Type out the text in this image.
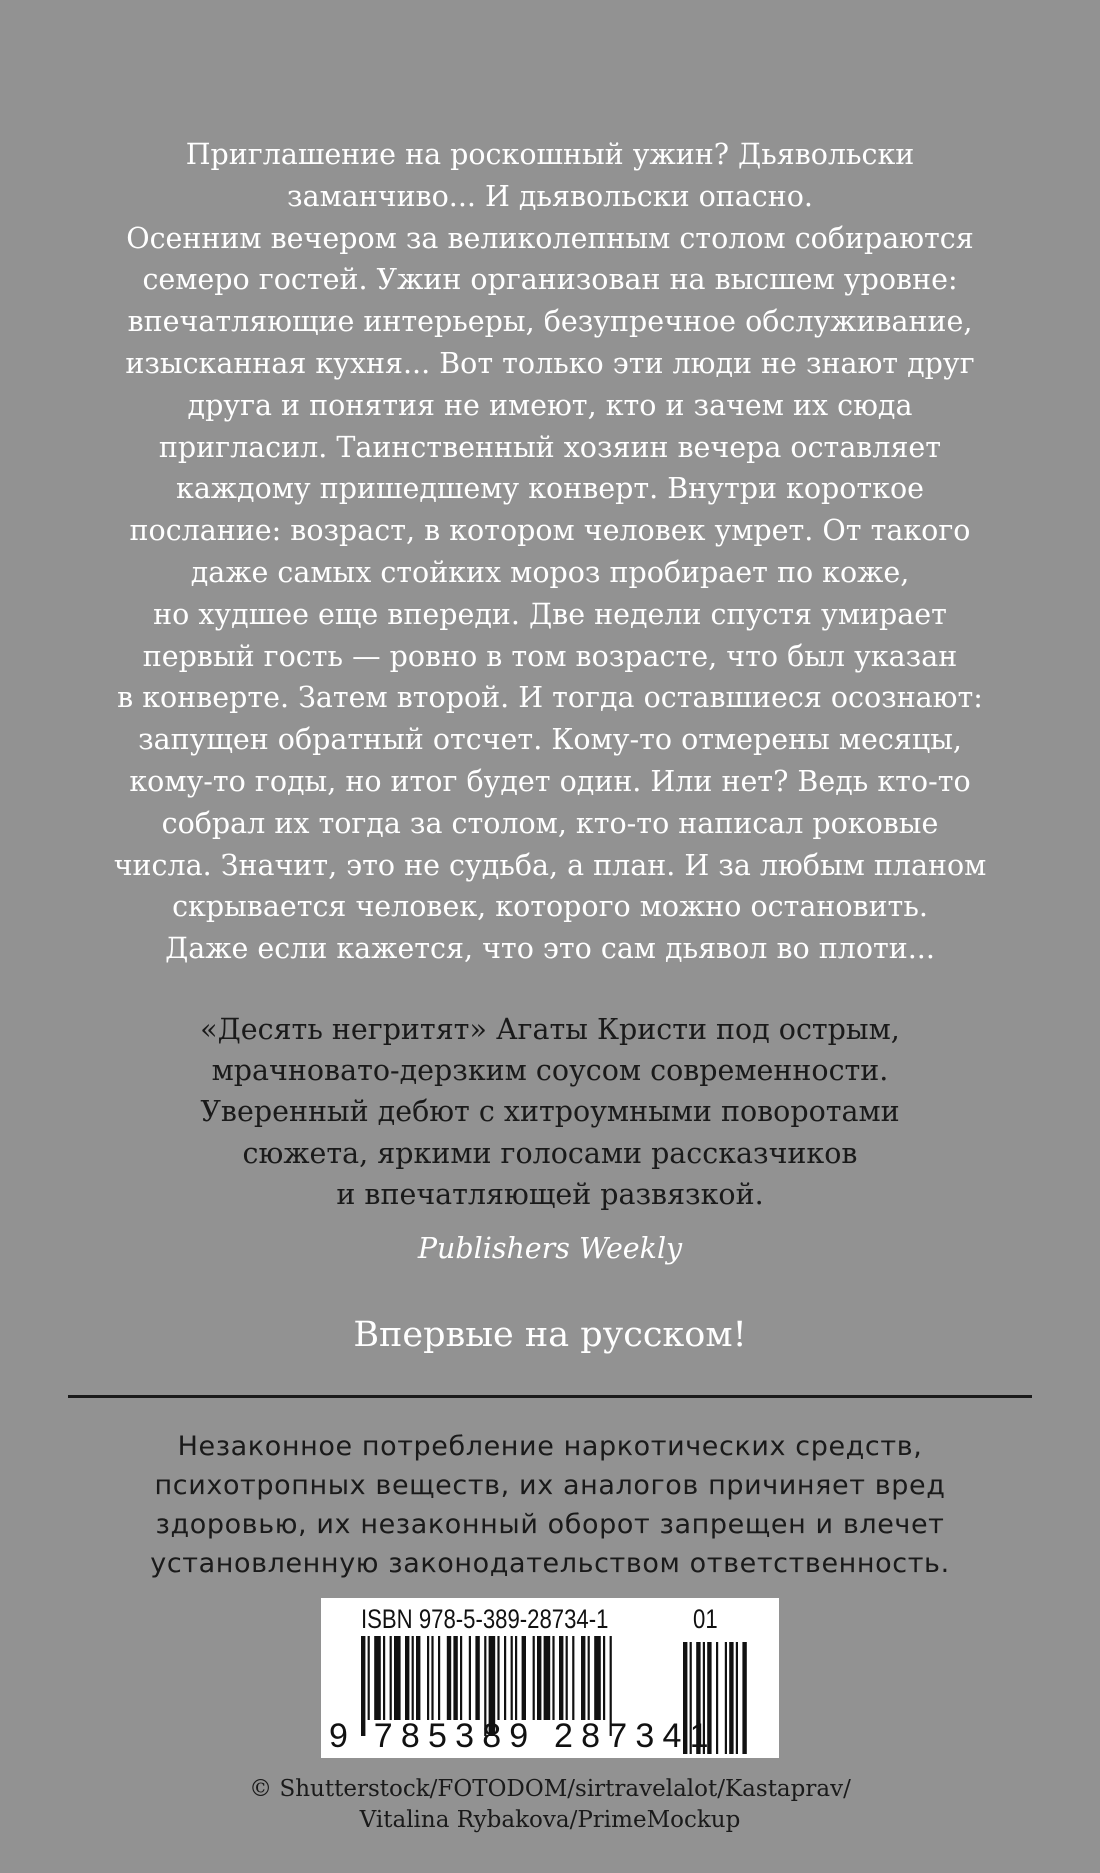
Приглашение на роскошный ужин? Дьявольски
заманчиво... И дьявольски опасно.
Осенним вечером за великолепным столом собираются
семеро гостей. Ужин организован на высшем уровне:
впечатляющие интерьеры, безупречное обслуживание,
изысканная кухня... Вот только эти люди не знают друг
друга и понятия не имеют, кто и зачем их сюда
пригласил. Таинственный хозяин вечера оставляет
каждому пришедшему конверт. Внутри короткое
послание: возраст, в котором человек умрет. От такого
даже самых стойких мороз пробирает по коже,
но худшее еще впереди. Две недели спустя умирает
первый гость — ровно в том возрасте, что был указан
в конверте. Затем второй. И тогда оставшиеся осознают:
запущен обратный отсчет. Кому-то отмерены месяцы,
кому-то годы, но итог будет один. Или нет? Ведь кто-то
собрал их тогда за столом, кто-то написал роковые
числа. Значит, это не судьба, а план. И за любым планом
скрывается человек, которого можно остановить.
Даже если кажется, что это сам дьявол во плоти...
«Десять негритят» Агаты Кристи под острым,
мрачновато-дерзким соусом современности.
Уверенный дебют с хитроумными поворотами
сюжета, яркими голосами рассказчиков
и впечатляющей развязкой.
Publishers Weekly
Впервые на русском!
Незаконное потребление наркотических средств,
психотропных веществ, их аналогов причиняет вред
здоровью, их незаконный оборот запрещен и влечет
установленную законодательством ответственность.
ISBN 978-5-389-28734-1	01
9 785389 287341
© Shutterstock/FOTODOM/sirtravelalot/Kastaprav/
Vitalina Rybakova/PrimeMockup
